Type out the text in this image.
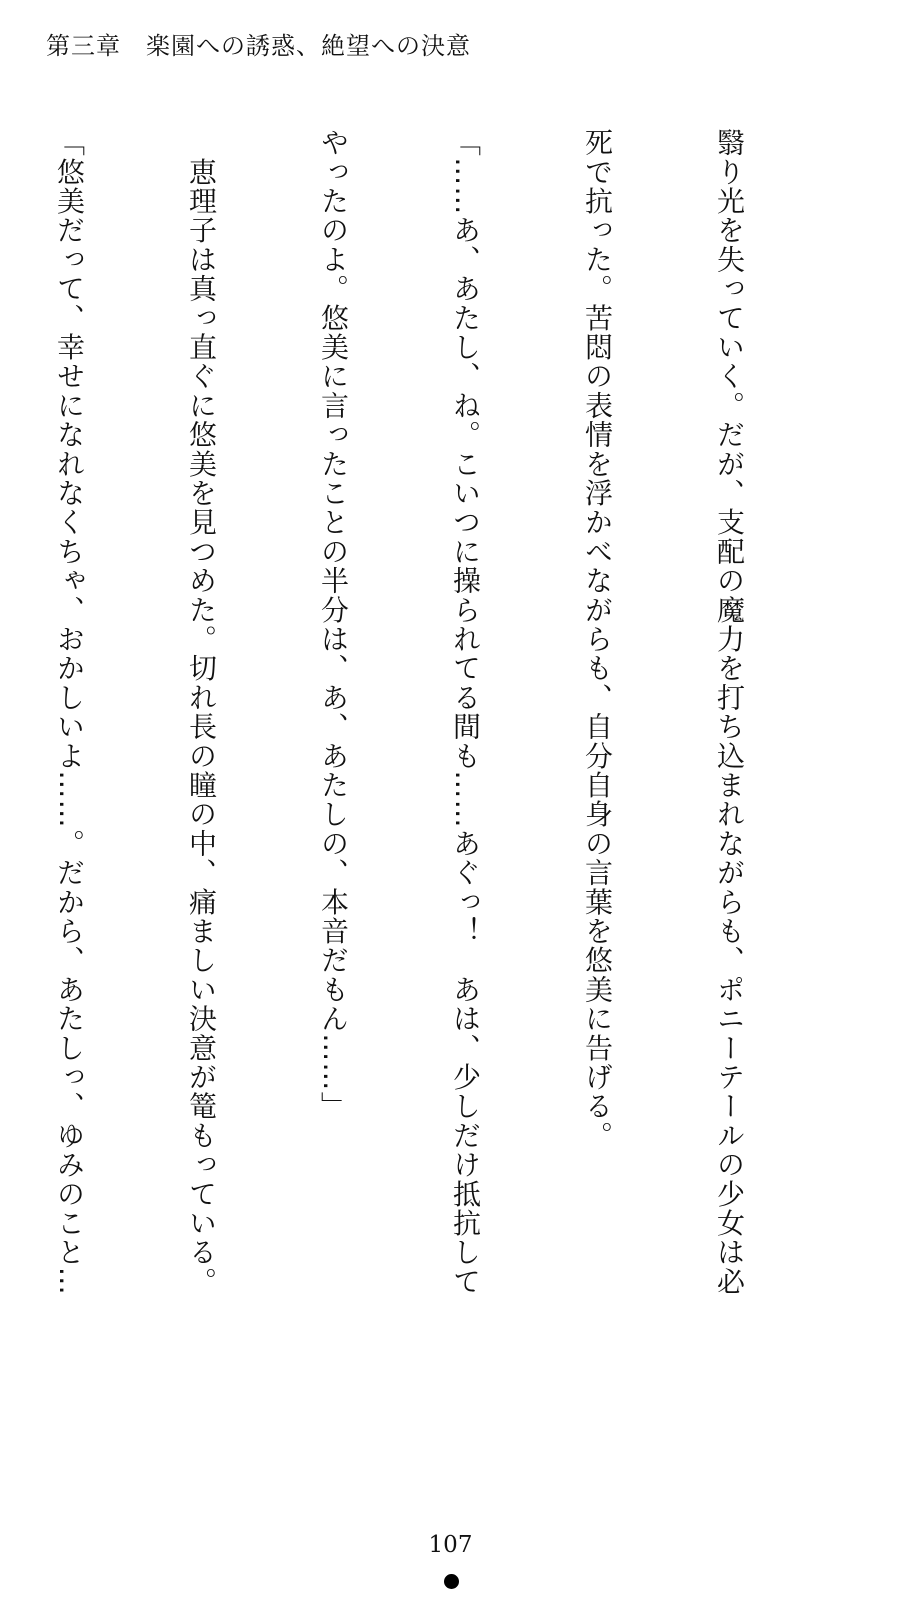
第三章　楽園への誘惑、絶望への決意

翳り光を失っていく。だが、支配の魔力を打ち込まれながらも、ポニーテールの少女は必

死で抗った。苦悶の表情を浮かべながらも、自分自身の言葉を悠美に告げる。

「……あ、あたし、ね。こいつに操られてる間も……あぐっ！　あは、少しだけ抵抗して

やったのよ。悠美に言ったことの半分は、あ、あたしの、本音だもん……」

　恵理子は真っ直ぐに悠美を見つめた。切れ長の瞳の中、痛ましい決意が篭もっている。

「悠美だって、幸せになれなくちゃ、おかしいよ……。だから、あたしっ、ゆみのこと…

107
